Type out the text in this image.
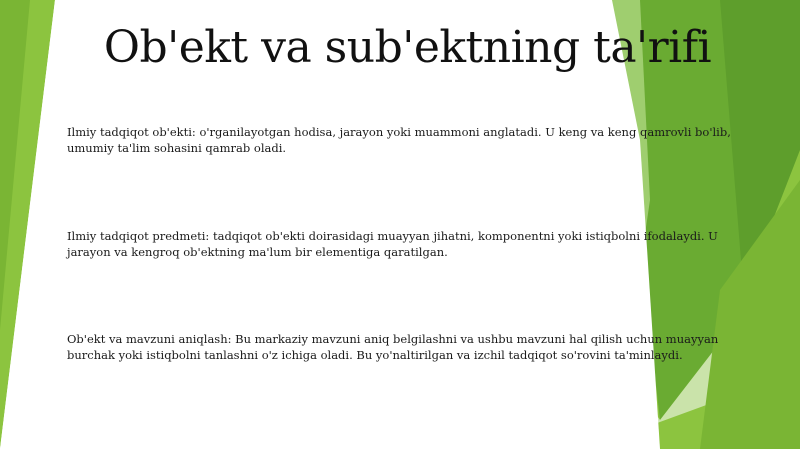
Ob'ekt va sub'ektning ta'rifi

Ilmiy tadqiqot ob'ekti: o'rganilayotgan hodisa, jarayon yoki muammoni anglatadi. U keng va keng qamrovli bo'lib, umumiy ta'lim sohasini qamrab oladi.

Ilmiy tadqiqot predmeti: tadqiqot ob'ekti doirasidagi muayyan jihatni, komponentni yoki istiqbolni ifodalaydi. U jarayon va kengroq ob'ektning ma'lum bir elementiga qaratilgan.

Ob'ekt va mavzuni aniqlash: Bu markaziy mavzuni aniq belgilashni va ushbu mavzuni hal qilish uchun muayyan burchak yoki istiqbolni tanlashni o'z ichiga oladi. Bu yo'naltirilgan va izchil tadqiqot so'rovini ta'minlaydi.
